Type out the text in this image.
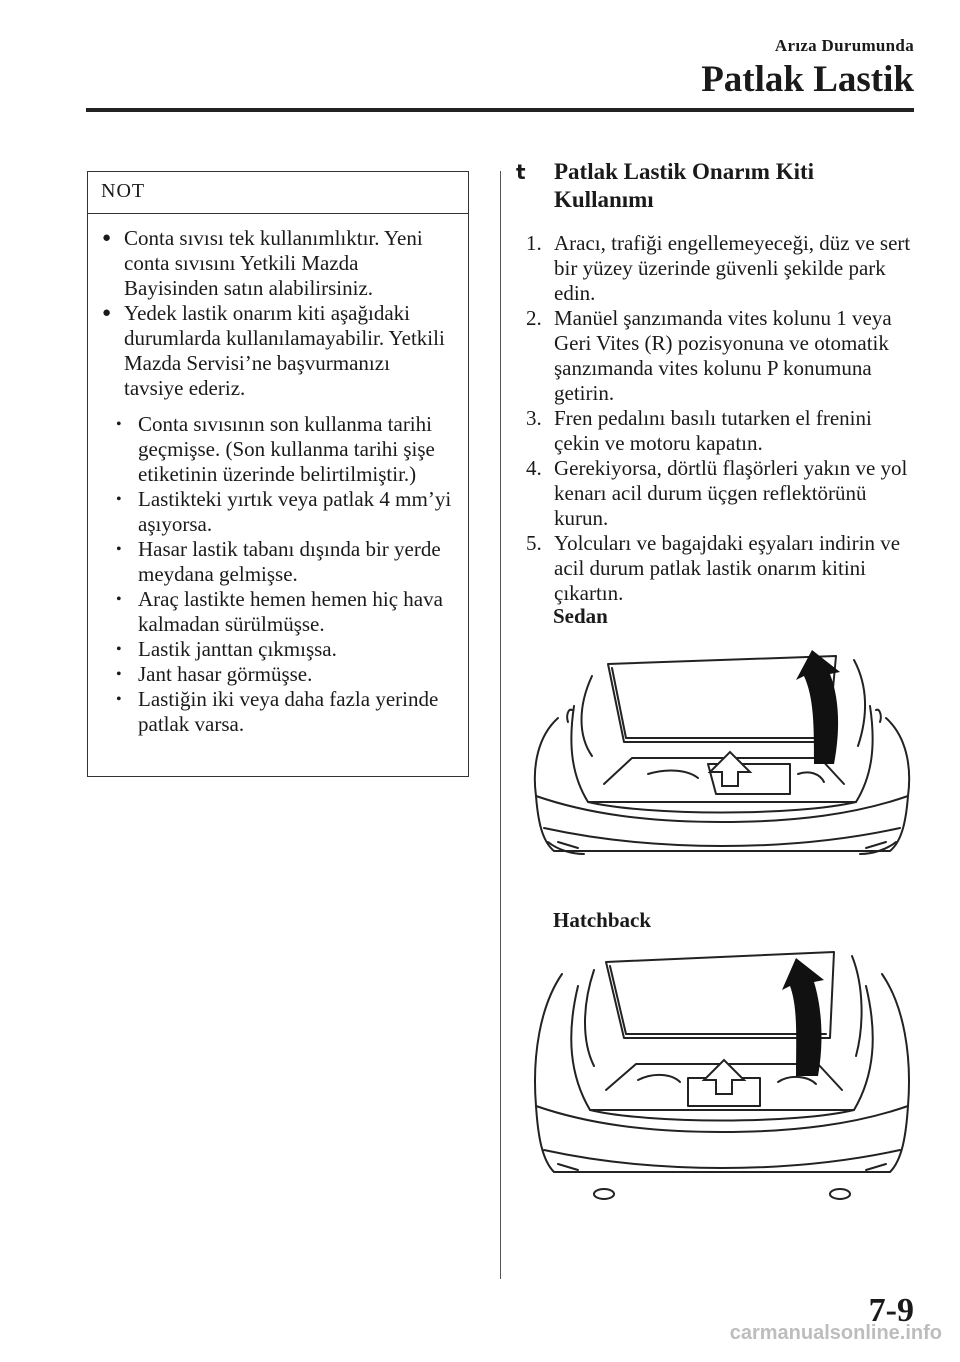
Arıza Durumunda
Patlak Lastik
NOT
● Conta sıvısı tek kullanımlıktır. Yeni conta sıvısını Yetkili Mazda Bayisinden satın alabilirsiniz.
● Yedek lastik onarım kiti aşağıdaki durumlarda kullanılamayabilir. Yetkili Mazda Servisi’ne başvurmanızı tavsiye ederiz.
• Conta sıvısının son kullanma tarihi geçmişse. (Son kullanma tarihi şişe etiketinin üzerinde belirtilmiştir.)
• Lastikteki yırtık veya patlak 4 mm’yi aşıyorsa.
• Hasar lastik tabanı dışında bir yerde meydana gelmişse.
• Araç lastikte hemen hemen hiç hava kalmadan sürülmüşse.
• Lastik janttan çıkmışsa.
• Jant hasar görmüşse.
• Lastiğin iki veya daha fazla yerinde patlak varsa.
t	Patlak Lastik Onarım Kiti Kullanımı
1. Aracı, trafiği engellemeyeceği, düz ve sert bir yüzey üzerinde güvenli şekilde park edin.
2. Manüel şanzımanda vites kolunu 1 veya Geri Vites (R) pozisyonuna ve otomatik şanzımanda vites kolunu P konumuna getirin.
3. Fren pedalını basılı tutarken el frenini çekin ve motoru kapatın.
4. Gerekiyorsa, dörtlü flaşörleri yakın ve yol kenarı acil durum üçgen reflektörünü kurun.
5. Yolcuları ve bagajdaki eşyaları indirin ve acil durum patlak lastik onarım kitini çıkartın.
Sedan
Hatchback
7-9
carmanualsonline.info
